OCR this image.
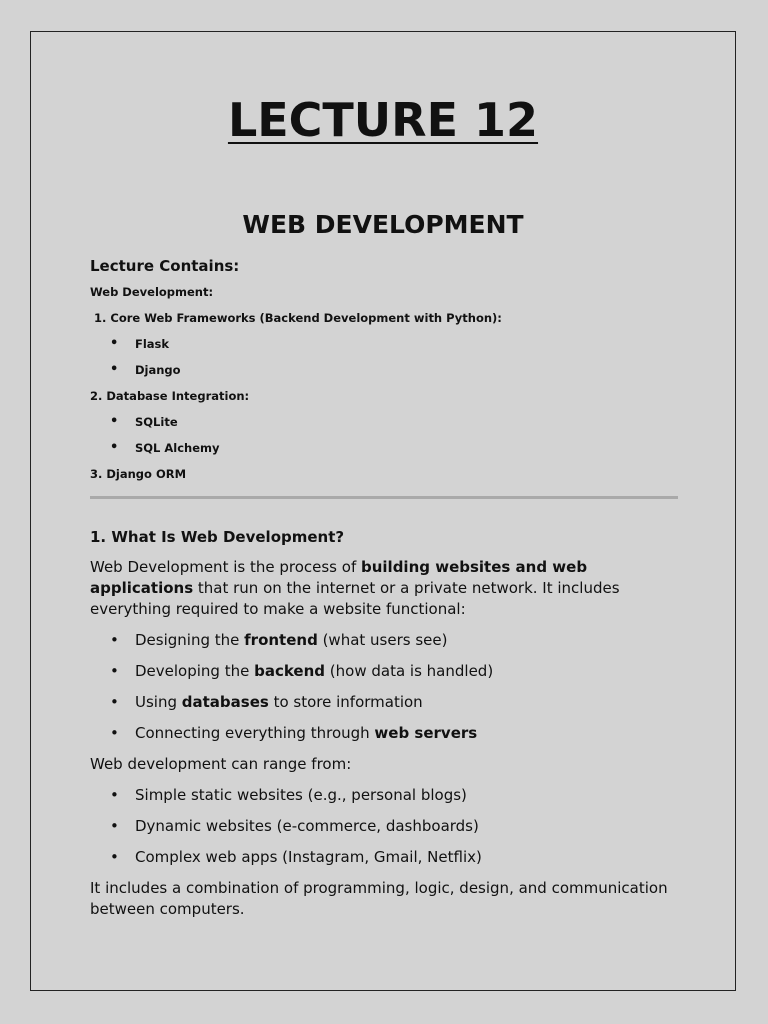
LECTURE 12
WEB DEVELOPMENT
Lecture Contains:
Web Development:
1. Core Web Frameworks (Backend Development with Python):
• Flask
• Django
2. Database Integration:
• SQLite
• SQL Alchemy
3. Django ORM
1. What Is Web Development?
Web Development is the process of building websites and web applications that run on the internet or a private network. It includes everything required to make a website functional:
• Designing the frontend (what users see)
• Developing the backend (how data is handled)
• Using databases to store information
• Connecting everything through web servers
Web development can range from:
• Simple static websites (e.g., personal blogs)
• Dynamic websites (e-commerce, dashboards)
• Complex web apps (Instagram, Gmail, Netflix)
It includes a combination of programming, logic, design, and communication between computers.
